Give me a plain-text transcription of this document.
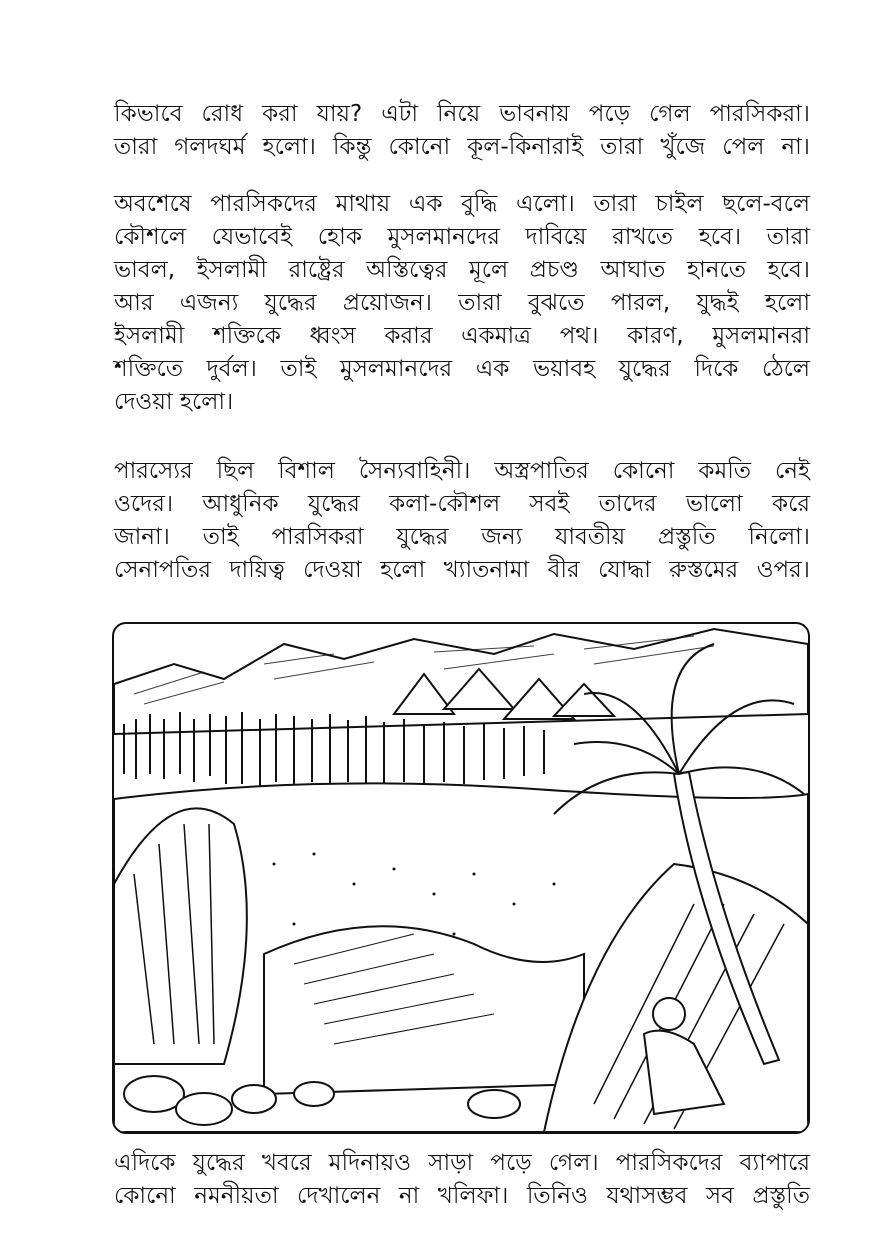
কিভাবে রোধ করা যায়? এটা নিয়ে ভাবনায় পড়ে গেল পারসিকরা।
তারা গলদঘর্ম হলো। কিন্তু কোনো কূল-কিনারাই তারা খুঁজে পেল না।

অবশেষে পারসিকদের মাথায় এক বুদ্ধি এলো। তারা চাইল ছলে-বলে
কৌশলে যেভাবেই হোক মুসলমানদের দাবিয়ে রাখতে হবে। তারা
ভাবল, ইসলামী রাষ্ট্রের অস্তিত্বের মূলে প্রচণ্ড আঘাত হানতে হবে।
আর এজন্য যুদ্ধের প্রয়োজন। তারা বুঝতে পারল, যুদ্ধই হলো
ইসলামী শক্তিকে ধ্বংস করার একমাত্র পথ। কারণ, মুসলমানরা
শক্তিতে দুর্বল। তাই মুসলমানদের এক ভয়াবহ যুদ্ধের দিকে ঠেলে
দেওয়া হলো।

পারস্যের ছিল বিশাল সৈন্যবাহিনী। অস্ত্রপাতির কোনো কমতি নেই
ওদের। আধুনিক যুদ্ধের কলা-কৌশল সবই তাদের ভালো করে
জানা। তাই পারসিকরা যুদ্ধের জন্য যাবতীয় প্রস্তুতি নিলো।
সেনাপতির দায়িত্ব দেওয়া হলো খ্যাতনামা বীর যোদ্ধা রুস্তমের ওপর।

এদিকে যুদ্ধের খবরে মদিনায়ও সাড়া পড়ে গেল। পারসিকদের ব্যাপারে
কোনো নমনীয়তা দেখালেন না খলিফা। তিনিও যথাসম্ভব সব প্রস্তুতি
